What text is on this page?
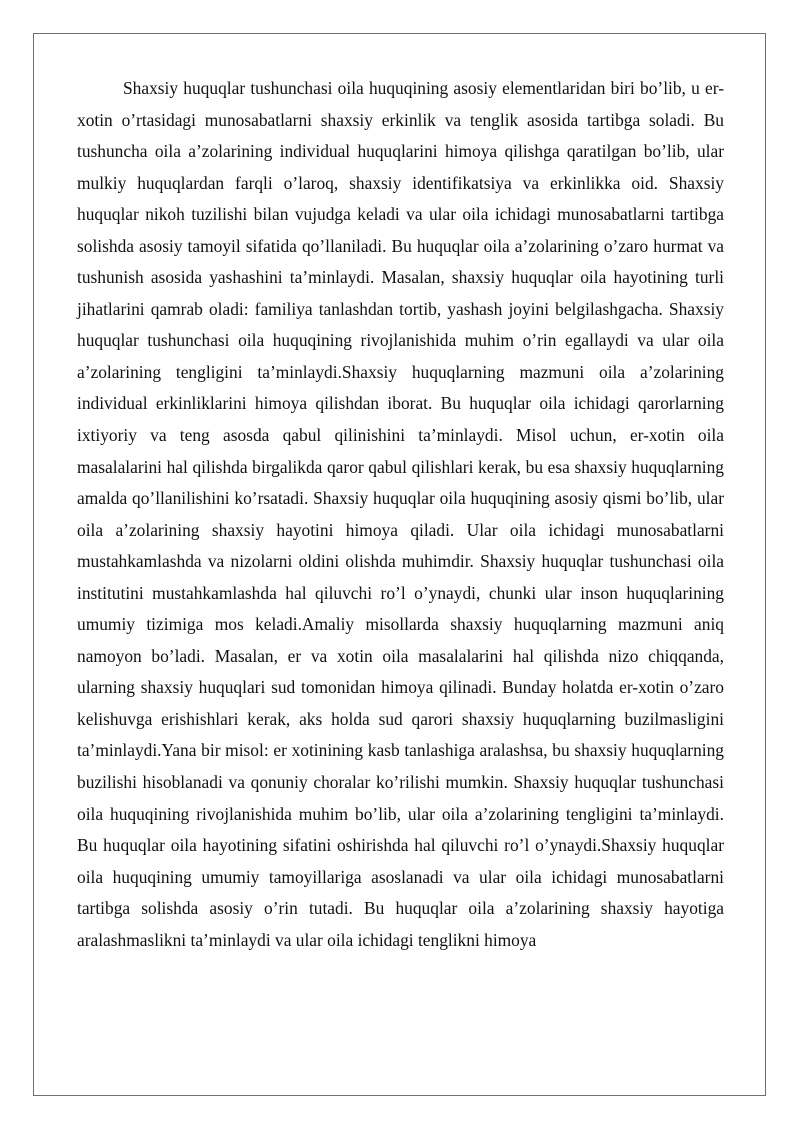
Shaxsiy huquqlar tushunchasi oila huquqining asosiy elementlaridan biri bo’lib, u er-xotin o’rtasidagi munosabatlarni shaxsiy erkinlik va tenglik asosida tartibga soladi. Bu tushuncha oila a’zolarining individual huquqlarini himoya qilishga qaratilgan bo’lib, ular mulkiy huquqlardan farqli o’laroq, shaxsiy identifikatsiya va erkinlikka oid. Shaxsiy huquqlar nikoh tuzilishi bilan vujudga keladi va ular oila ichidagi munosabatlarni tartibga solishda asosiy tamoyil sifatida qo’llaniladi. Bu huquqlar oila a’zolarining o’zaro hurmat va tushunish asosida yashashini ta’minlaydi. Masalan, shaxsiy huquqlar oila hayotining turli jihatlarini qamrab oladi: familiya tanlashdan tortib, yashash joyini belgilashgacha. Shaxsiy huquqlar tushunchasi oila huquqining rivojlanishida muhim o’rin egallaydi va ular oila a’zolarining tengligini ta’minlaydi.Shaxsiy huquqlarning mazmuni oila a’zolarining individual erkinliklarini himoya qilishdan iborat. Bu huquqlar oila ichidagi qarorlarning ixtiyoriy va teng asosda qabul qilinishini ta’minlaydi. Misol uchun, er-xotin oila masalalarini hal qilishda birgalikda qaror qabul qilishlari kerak, bu esa shaxsiy huquqlarning amalda qo’llanilishini ko’rsatadi. Shaxsiy huquqlar oila huquqining asosiy qismi bo’lib, ular oila a’zolarining shaxsiy hayotini himoya qiladi. Ular oila ichidagi munosabatlarni mustahkamlashda va nizolarni oldini olishda muhimdir. Shaxsiy huquqlar tushunchasi oila institutini mustahkamlashda hal qiluvchi ro’l o’ynaydi, chunki ular inson huquqlarining umumiy tizimiga mos keladi.Amaliy misollarda shaxsiy huquqlarning mazmuni aniq namoyon bo’ladi. Masalan, er va xotin oila masalalarini hal qilishda nizo chiqqanda, ularning shaxsiy huquqlari sud tomonidan himoya qilinadi. Bunday holatda er-xotin o’zaro kelishuvga erishishlari kerak, aks holda sud qarori shaxsiy huquqlarning buzilmasligini ta’minlaydi.Yana bir misol: er xotinining kasb tanlashiga aralashsa, bu shaxsiy huquqlarning buzilishi hisoblanadi va qonuniy choralar ko’rilishi mumkin. Shaxsiy huquqlar tushunchasi oila huquqining rivojlanishida muhim bo’lib, ular oila a’zolarining tengligini ta’minlaydi. Bu huquqlar oila hayotining sifatini oshirishda hal qiluvchi ro’l o’ynaydi.Shaxsiy huquqlar oila huquqining umumiy tamoyillariga asoslanadi va ular oila ichidagi munosabatlarni tartibga solishda asosiy o’rin tutadi. Bu huquqlar oila a’zolarining shaxsiy hayotiga aralashmaslikni ta’minlaydi va ular oila ichidagi tenglikni himoya
